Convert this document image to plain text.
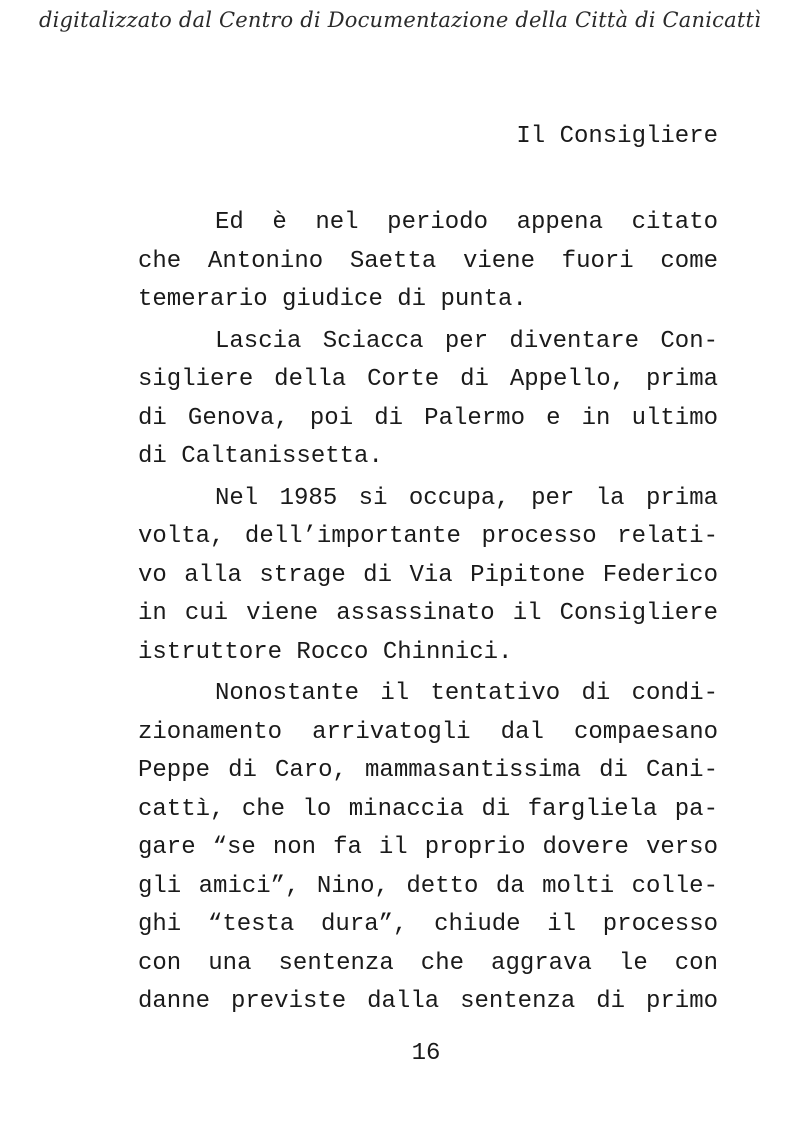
digitalizzato dal Centro di Documentazione della Città di Canicattì
Il Consigliere
Ed è nel periodo appena citato
che Antonino Saetta viene fuori come
temerario giudice di punta.
Lascia Sciacca per diventare Con-
sigliere della Corte di Appello, prima
di Genova, poi di Palermo e in ultimo
di Caltanissetta.
Nel 1985 si occupa, per la prima
volta, dell’importante processo relati-
vo alla strage di Via Pipitone Federico
in cui viene assassinato il Consigliere
istruttore Rocco Chinnici.
Nonostante il tentativo di condi-
zionamento arrivatogli dal compaesano
Peppe di Caro, mammasantissima di Cani-
cattì, che lo minaccia di fargliela pa-
gare “se non fa il proprio dovere verso
gli amici”, Nino, detto da molti colle-
ghi “testa dura”, chiude il processo
con una sentenza che aggrava le con
danne previste dalla sentenza di primo
16
